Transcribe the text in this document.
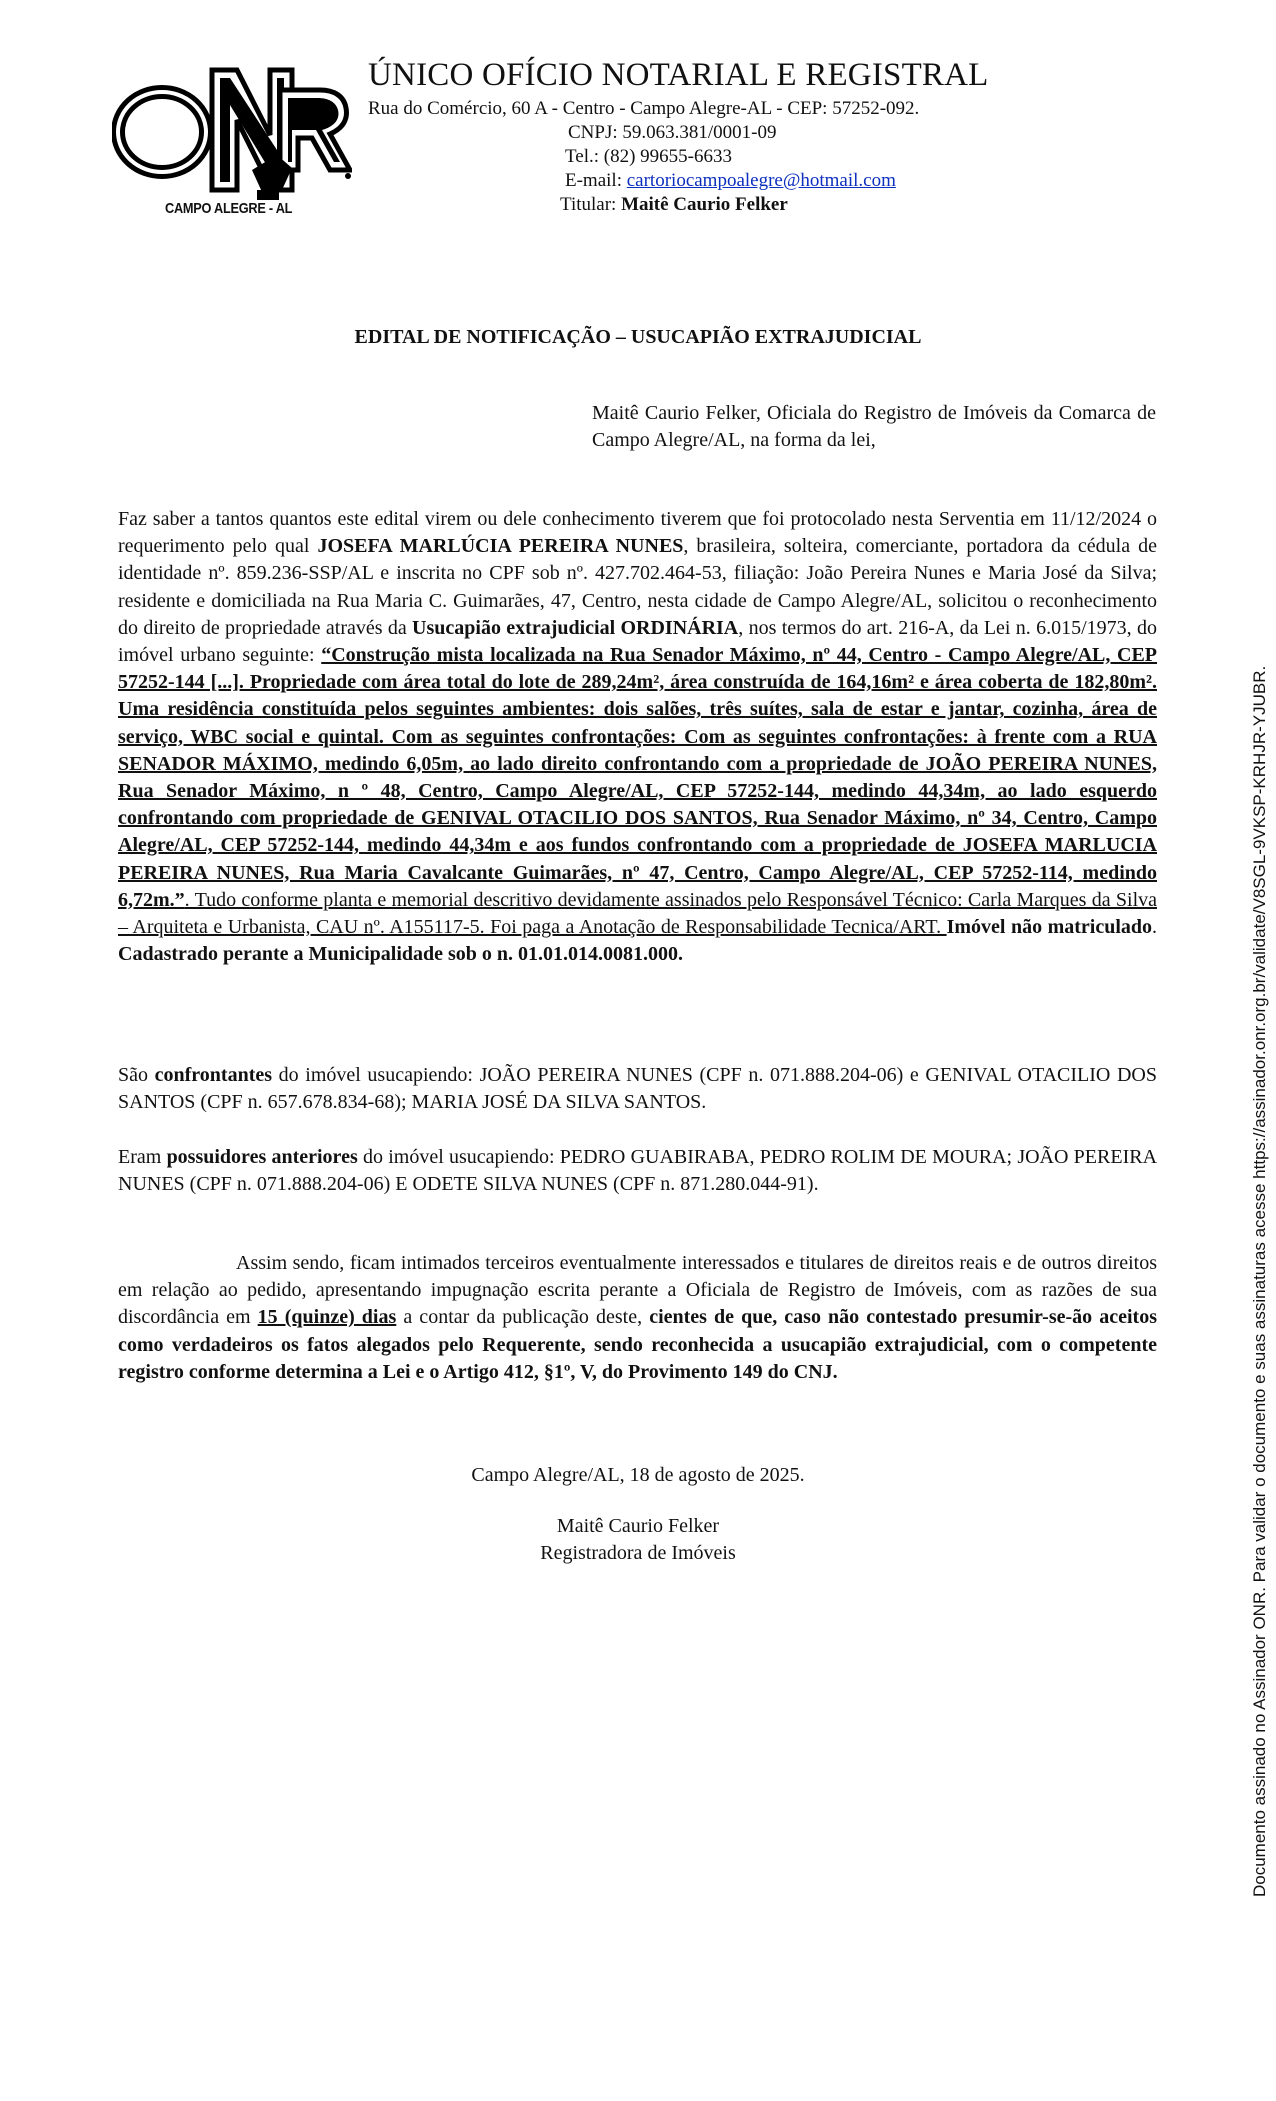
CAMPO ALEGRE - AL
ÚNICO OFÍCIO NOTARIAL E REGISTRAL
Rua do Comércio, 60 A - Centro - Campo Alegre-AL - CEP: 57252-092.
CNPJ: 59.063.381/0001-09
Tel.: (82) 99655-6633
E-mail: cartoriocampoalegre@hotmail.com
Titular: Maitê Caurio Felker
EDITAL DE NOTIFICAÇÃO – USUCAPIÃO EXTRAJUDICIAL
Maitê Caurio Felker, Oficiala do Registro de Imóveis da Comarca de Campo Alegre/AL, na forma da lei,
Faz saber a tantos quantos este edital virem ou dele conhecimento tiverem que foi protocolado nesta Serventia em 11/12/2024 o requerimento pelo qual JOSEFA MARLÚCIA PEREIRA NUNES, brasileira, solteira, comerciante, portadora da cédula de identidade nº. 859.236-SSP/AL e inscrita no CPF sob nº. 427.702.464-53, filiação: João Pereira Nunes e Maria José da Silva; residente e domiciliada na Rua Maria C. Guimarães, 47, Centro, nesta cidade de Campo Alegre/AL, solicitou o reconhecimento do direito de propriedade através da Usucapião extrajudicial ORDINÁRIA, nos termos do art. 216-A, da Lei n. 6.015/1973, do imóvel urbano seguinte: “Construção mista localizada na Rua Senador Máximo, nº 44, Centro - Campo Alegre/AL, CEP 57252-144 [...]. Propriedade com área total do lote de 289,24m², área construída de 164,16m² e área coberta de 182,80m². Uma residência constituída pelos seguintes ambientes: dois salões, três suítes, sala de estar e jantar, cozinha, área de serviço, WBC social e quintal. Com as seguintes confrontações: Com as seguintes confrontações: à frente com a RUA SENADOR MÁXIMO, medindo 6,05m, ao lado direito confrontando com a propriedade de JOÃO PEREIRA NUNES, Rua Senador Máximo, n º 48, Centro, Campo Alegre/AL, CEP 57252-144, medindo 44,34m, ao lado esquerdo confrontando com propriedade de GENIVAL OTACILIO DOS SANTOS, Rua Senador Máximo, nº 34, Centro, Campo Alegre/AL, CEP 57252-144, medindo 44,34m e aos fundos confrontando com a propriedade de JOSEFA MARLUCIA PEREIRA NUNES, Rua Maria Cavalcante Guimarães, nº 47, Centro, Campo Alegre/AL, CEP 57252-114, medindo 6,72m.”. Tudo conforme planta e memorial descritivo devidamente assinados pelo Responsável Técnico: Carla Marques da Silva – Arquiteta e Urbanista, CAU nº. A155117-5. Foi paga a Anotação de Responsabilidade Tecnica/ART. Imóvel não matriculado. Cadastrado perante a Municipalidade sob o n. 01.01.014.0081.000.
São confrontantes do imóvel usucapiendo: JOÃO PEREIRA NUNES (CPF n. 071.888.204-06) e GENIVAL OTACILIO DOS SANTOS (CPF n. 657.678.834-68); MARIA JOSÉ DA SILVA SANTOS.
Eram possuidores anteriores do imóvel usucapiendo: PEDRO GUABIRABA, PEDRO ROLIM DE MOURA; JOÃO PEREIRA NUNES (CPF n. 071.888.204-06) E ODETE SILVA NUNES (CPF n. 871.280.044-91).
Assim sendo, ficam intimados terceiros eventualmente interessados e titulares de direitos reais e de outros direitos em relação ao pedido, apresentando impugnação escrita perante a Oficiala de Registro de Imóveis, com as razões de sua discordância em 15 (quinze) dias a contar da publicação deste, cientes de que, caso não contestado presumir-se-ão aceitos como verdadeiros os fatos alegados pelo Requerente, sendo reconhecida a usucapião extrajudicial, com o competente registro conforme determina a Lei e o Artigo 412, §1º, V, do Provimento 149 do CNJ.
Campo Alegre/AL, 18 de agosto de 2025.
Maitê Caurio Felker
Registradora de Imóveis	Documento assinado no Assinador ONR. Para validar o documento e suas assinaturas acesse https://assinador.onr.org.br/validate/V8SGL-9VKSP-KRHJR-YJUBR.
